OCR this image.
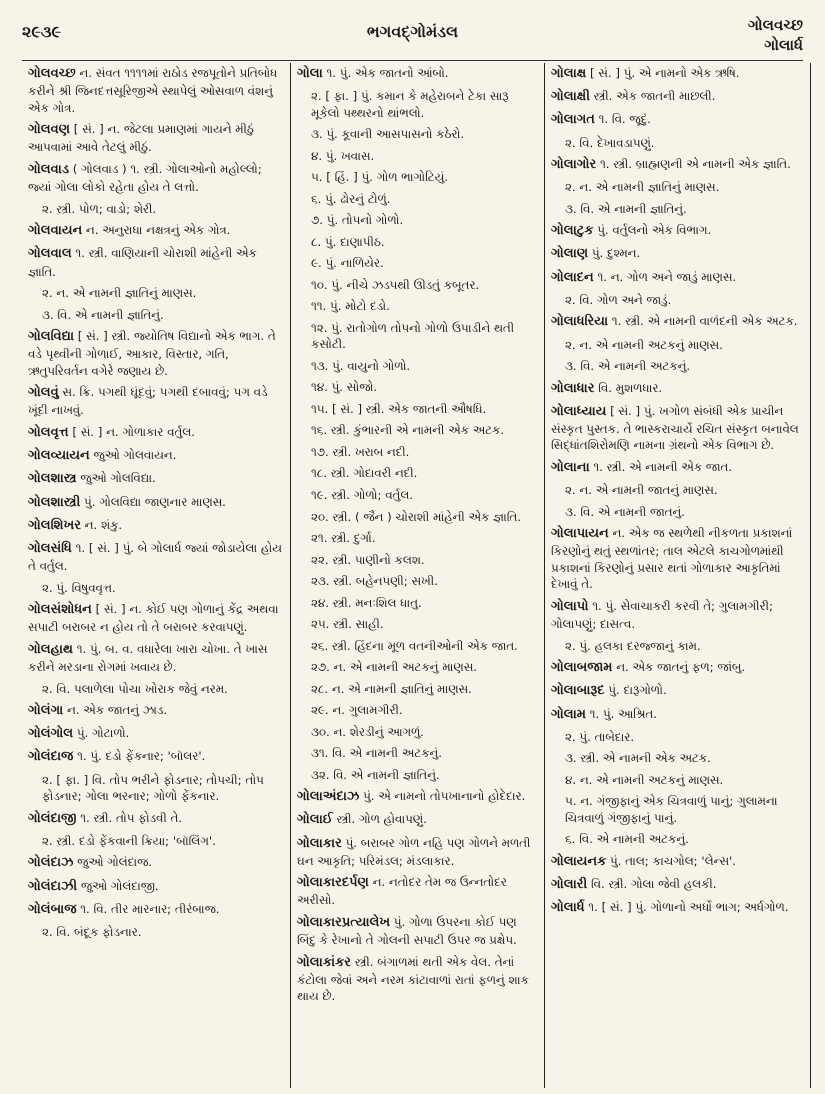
૨૯૩૯	ભગવદ્ગોમંડલ	ગોલવચ્છ
ગોલાર્ધ
ગોલવચ્છ ન. સંવત ૧૧૧૧માં રાઠોડ રજપૂતોને પ્રતિબોધ કરીને શ્રી જિનદત્તસૂરિજીએ સ્થાપેલું ઓસવાળ વંશનું એક ગોત્ર.
ગોલવણ [ સં. ] ન. જેટલા પ્રમાણમાં ગાયને મીઠું આપવામાં આવે તેટલું મીઠું.
ગોલવાડ ( ગોલવાડ ) ૧. સ્ત્રી. ગોલાઓનો મહોલ્લો; જ્યાં ગોલા લોકો રહેતા હોય તે લત્તો.
૨. સ્ત્રી. પોળ; વાડો; શેરી.
ગોલવાયન ન. અનુરાધા નક્ષત્રનું એક ગોત્ર.
ગોલવાલ ૧. સ્ત્રી. વાણિયાની ચોરાશી માંહેની એક જ્ઞાતિ.
૨. ન. એ નામની જ્ઞાતિનું માણસ.
૩. વિ. એ નામની જ્ઞાતિનું.
ગોલવિદ્યા [ સં. ] સ્ત્રી. જ્યોતિષ વિદ્યાનો એક ભાગ. તે વડે પૃથ્વીની ગોળાઈ, આકાર, વિસ્તાર, ગતિ, ઋતુપરિવર્તન વગેરે જણાય છે.
ગોલવું સ. ક્રિ. પગથી ઘૂંદવું; પગથી દબાવવું; પગ વડે ખૂંદી નાખવું.
ગોલવૃત્ત [ સં. ] ન. ગોળાકાર વર્તુલ.
ગોલવ્યાયન જુઓ ગોલવાયન.
ગોલશાસ્ત્ર જુઓ ગોલવિદ્યા.
ગોલશાસ્ત્રી પું. ગોલવિદ્યા જાણનાર માણસ.
ગોલશિખર ન. શંકુ.
ગોલસંધિ ૧. [ સં. ] પું. બે ગોલાર્ધ જ્યાં જોડાયેલા હોય તે વર્તુલ.
૨. પું. વિષુવવૃત્ત.
ગોલસંશોધન [ સં. ] ન. કોઈ પણ ગોળાનું કેંદ્ર અથવા સપાટી બરાબર ન હોય તો તે બરાબર કરવાપણું.
ગોલહાથ ૧. પું. બ. વ. વધારેલા ખારા ચોખા. તે ખાસ કરીને મરડાના રોગમાં ખવાય છે.
૨. વિ. પલાળેલા પોચા ખોરાક જેવું નરમ.
ગોલંગા ન. એક જાતનું ઝાડ.
ગોલંગોલ પું. ગોટાળો.
ગોલંદાજ ૧. પું. દડો ફેંકનાર; 'બૉલર'.
૨. [ ફા. ] વિ. તોપ ભરીને ફોડનાર; તોપચી; તોપ ફોડનાર; ગોલા ભરનાર; ગોળો ફેંકનાર.
ગોલંદાજી ૧. સ્ત્રી. તોપ ફોડવી તે.
૨. સ્ત્રી. દડો ફેંકવાની ક્રિયા; 'બૉલિંગ'.
ગોલંદાઝ જુઓ ગોલંદાજ.
ગોલંદાઝી જુઓ ગોલંદાજી.
ગોલંબાજ ૧. વિ. તીર મારનાર; તીરંબાજ.
૨. વિ. બંદૂક ફોડનાર.
ગોલા ૧. પું. એક જાતનો આંબો.
૨. [ ફા. ] પું. કમાન કે મહેરાબને ટેકા સારૂ મૂકેલો પથ્થરનો થાંભલો.
૩. પું. કૂવાની આસપાસનો કઠેરો.
૪. પું. ખવાસ.
૫. [ હિં. ] પું. ગોળ ભાગોટિયું.
૬. પું. ઢોરનું ટોળું.
૭. પું. તોપનો ગોળો.
૮. પું. દાણાપીઠ.
૯. પું. નાળિયેર.
૧૦. પું. નીચે ઝડપથી ઊડતું કબૂતર.
૧૧. પું. મોટો દડો.
૧૨. પું. રાતોગોળ તોપનો ગોળો ઉપાડીને થતી કસોટી.
૧૩. પું. વાયુનો ગોળો.
૧૪. પું. સોજો.
૧૫. [ સં. ] સ્ત્રી. એક જાતની ઔષધિ.
૧૬. સ્ત્રી. કુંભારની એ નામની એક અટક.
૧૭. સ્ત્રી. ખરાબ નદી.
૧૮. સ્ત્રી. ગોદાવરી નદી.
૧૯. સ્ત્રી. ગોળો; વર્તુલ.
૨૦. સ્ત્રી. ( જૈન ) ચોરાશી માંહેની એક જ્ઞાતિ.
૨૧. સ્ત્રી. દુર્ગા.
૨૨. સ્ત્રી. પાણીનો કલશ.
૨૩. સ્ત્રી. બહેનપણી; સખી.
૨૪. સ્ત્રી. મનઃશિલ ધાતુ.
૨૫. સ્ત્રી. સાહી.
૨૬. સ્ત્રી. હિંદના મૂળ વતનીઓની એક જાત.
૨૭. ન. એ નામની અટકનું માણસ.
૨૮. ન. એ નામની જ્ઞાતિનું માણસ.
૨૯. ન. ગુલામગીરી.
૩૦. ન. શેરડીનું આગળું.
૩૧. વિ. એ નામની અટકનું.
૩૨. વિ. એ નામની જ્ઞાતિનું.
ગોલાઅંદાઝ પું. એ નામનો તોપખાનાનો હોદેદાર.
ગોલાઈ સ્ત્રી. ગોળ હોવાપણું.
ગોલાકાર પું. બરાબર ગોળ નહિ પણ ગોળને મળતી ઘન આકૃતિ; પરિમંડલ; મંડલાકાર.
ગોલાકારદર્પણ ન. નતોદર તેમ જ ઉન્નતોદર અરીસો.
ગોલાકારપ્રત્યાલેખ પું. ગોળા ઉપરના કોઈ પણ બિંદુ કે રેખાનો તે ગોલની સપાટી ઉપર જ પ્રક્ષેપ.
ગોલાકાંકર સ્ત્રી. બંગાળમાં થતી એક વેલ. તેનાં કંટોલા જેવાં અને નરમ કાંટાવાળાં રાતાં ફળનું શાક થાય છે.
ગોલાક્ષ [ સં. ] પું. એ નામનો એક ઋષિ.
ગોલાક્ષી સ્ત્રી. એક જાતની માછલી.
ગોલાગત ૧. વિ. જૂદું.
૨. વિ. દેખાવડાપણું.
ગોલાગોર ૧. સ્ત્રી. બ્રાહ્મણની એ નામની એક જ્ઞાતિ.
૨. ન. એ નામની જ્ઞાતિનું માણસ.
૩. વિ. એ નામની જ્ઞાતિનું.
ગોલાટુક પું. વર્તુલનો એક વિભાગ.
ગોલાણ પું. દુશ્મન.
ગોલાદન ૧. ન. ગોળ અને જાડું માણસ.
૨. વિ. ગોળ અને જાડું.
ગોલાધરિયા ૧. સ્ત્રી. એ નામની વાળંદની એક અટક.
૨. ન. એ નામની અટકનું માણસ.
૩. વિ. એ નામની અટકનું.
ગોલાધાર વિ. મુશળધાર.
ગોલાધ્યાય [ સં. ] પું. ખગોળ સંબંધી એક પ્રાચીન સંસ્કૃત પુસ્તક. તે ભાસ્કરાચાર્યે રચિત સંસ્કૃત બનાવેલ સિદ્ધાંતશિરોમણિ નામના ગ્રંથનો એક વિભાગ છે.
ગોલાના ૧. સ્ત્રી. એ નામની એક જાત.
૨. ન. એ નામની જાતનું માણસ.
૩. વિ. એ નામની જાતનું.
ગોલાપાયન ન. એક જ સ્થળેથી નીકળતા પ્રકાશનાં કિરણોનું થતું સ્થળાંતર; તાલ એટલે કાચગોળમાંથી પ્રકાશનાં કિરણોનું પ્રસાર થતાં ગોળાકાર આકૃતિમાં દેખાવું તે.
ગોલાપો ૧. પું. સેવાચાકરી કરવી તે; ગુલામગીરી; ગોલાપણું; દાસત્વ.
૨. પું. હલકા દરજ્જાનું કામ.
ગોલાબજામ ન. એક જાતનું ફળ; જાંબુ.
ગોલાબારૂદ પું. દારૂગોળો.
ગોલામ ૧. પું. આશ્રિત.
૨. પું. તાબેદાર.
૩. સ્ત્રી. એ નામની એક અટક.
૪. ન. એ નામની અટકનું માણસ.
૫. ન. ગંજીફાનું એક ચિત્રવાળું પાનું; ગુલામના ચિત્રવાળું ગંજીફાનું પાનું.
૬. વિ. એ નામની અટકનું.
ગોલાયનક પું. તાલ; કાચગોલ; 'લેન્સ'.
ગોલારી વિ. સ્ત્રી. ગોલા જેવી હલકી.
ગોલાર્ધ ૧. [ સં. ] પું. ગોળાનો અર્ધો ભાગ; અર્ધગોળ.
